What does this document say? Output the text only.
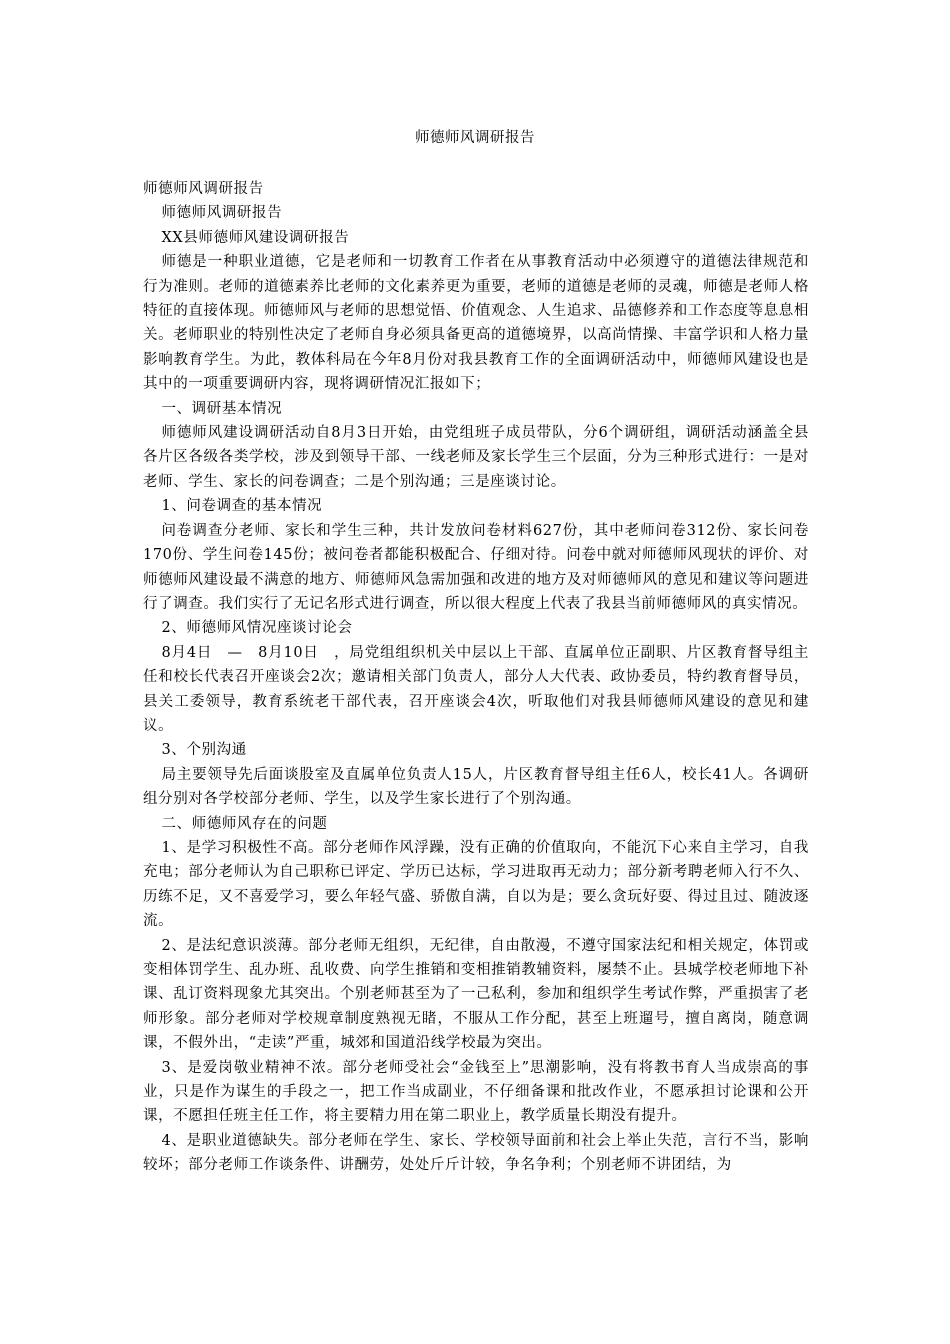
师德师风调研报告

师德师风调研报告

师德师风调研报告

XX县师德师风建设调研报告

师德是一种职业道德，它是老师和一切教育工作者在从事教育活动中必须遵守的道德法律规范和行为准则。老师的道德素养比老师的文化素养更为重要，老师的道德是老师的灵魂，师德是老师人格特征的直接体现。师德师风与老师的思想觉悟、价值观念、人生追求、品德修养和工作态度等息息相关。老师职业的特别性决定了老师自身必须具备更高的道德境界，以高尚情操、丰富学识和人格力量影响教育学生。为此，教体科局在今年8月份对我县教育工作的全面调研活动中，师德师风建设也是其中的一项重要调研内容，现将调研情况汇报如下；

一、调研基本情况

师德师风建设调研活动自8月3日开始，由党组班子成员带队，分6个调研组，调研活动涵盖全县各片区各级各类学校，涉及到领导干部、一线老师及家长学生三个层面，分为三种形式进行：一是对老师、学生、家长的问卷调查；二是个别沟通；三是座谈讨论。

1、问卷调查的基本情况

问卷调查分老师、家长和学生三种，共计发放问卷材料627份，其中老师问卷312份、家长问卷170份、学生问卷145份；被问卷者都能积极配合、仔细对待。问卷中就对师德师风现状的评价、对师德师风建设最不满意的地方、师德师风急需加强和改进的地方及对师德师风的意见和建议等问题进行了调查。我们实行了无记名形式进行调查，所以很大程度上代表了我县当前师德师风的真实情况。

2、师德师风情况座谈讨论会

8月4日　—　8月10日　，局党组组织机关中层以上干部、直属单位正副职、片区教育督导组主任和校长代表召开座谈会2次；邀请相关部门负责人，部分人大代表、政协委员，特约教育督导员，县关工委领导，教育系统老干部代表，召开座谈会4次，听取他们对我县师德师风建设的意见和建议。

3、个别沟通

局主要领导先后面谈股室及直属单位负责人15人，片区教育督导组主任6人，校长41人。各调研组分别对各学校部分老师、学生，以及学生家长进行了个别沟通。

二、师德师风存在的问题

1、是学习积极性不高。部分老师作风浮躁，没有正确的价值取向，不能沉下心来自主学习，自我充电；部分老师认为自己职称已评定、学历已达标，学习进取再无动力；部分新考聘老师入行不久、历练不足，又不喜爱学习，要么年轻气盛、骄傲自满，自以为是；要么贪玩好耍、得过且过、随波逐流。

2、是法纪意识淡薄。部分老师无组织，无纪律，自由散漫，不遵守国家法纪和相关规定，体罚或变相体罚学生、乱办班、乱收费、向学生推销和变相推销教辅资料，屡禁不止。县城学校老师地下补课、乱订资料现象尤其突出。个别老师甚至为了一己私利，参加和组织学生考试作弊，严重损害了老师形象。部分老师对学校规章制度熟视无睹，不服从工作分配，甚至上班遛号，擅自离岗，随意调课，不假外出，“走读”严重，城郊和国道沿线学校最为突出。

3、是爱岗敬业精神不浓。部分老师受社会“金钱至上”思潮影响，没有将教书育人当成崇高的事业，只是作为谋生的手段之一，把工作当成副业，不仔细备课和批改作业，不愿承担讨论课和公开课，不愿担任班主任工作，将主要精力用在第二职业上，教学质量长期没有提升。

4、是职业道德缺失。部分老师在学生、家长、学校领导面前和社会上举止失范，言行不当，影响较坏；部分老师工作谈条件、讲酬劳，处处斤斤计较，争名争利；个别老师不讲团结，为
